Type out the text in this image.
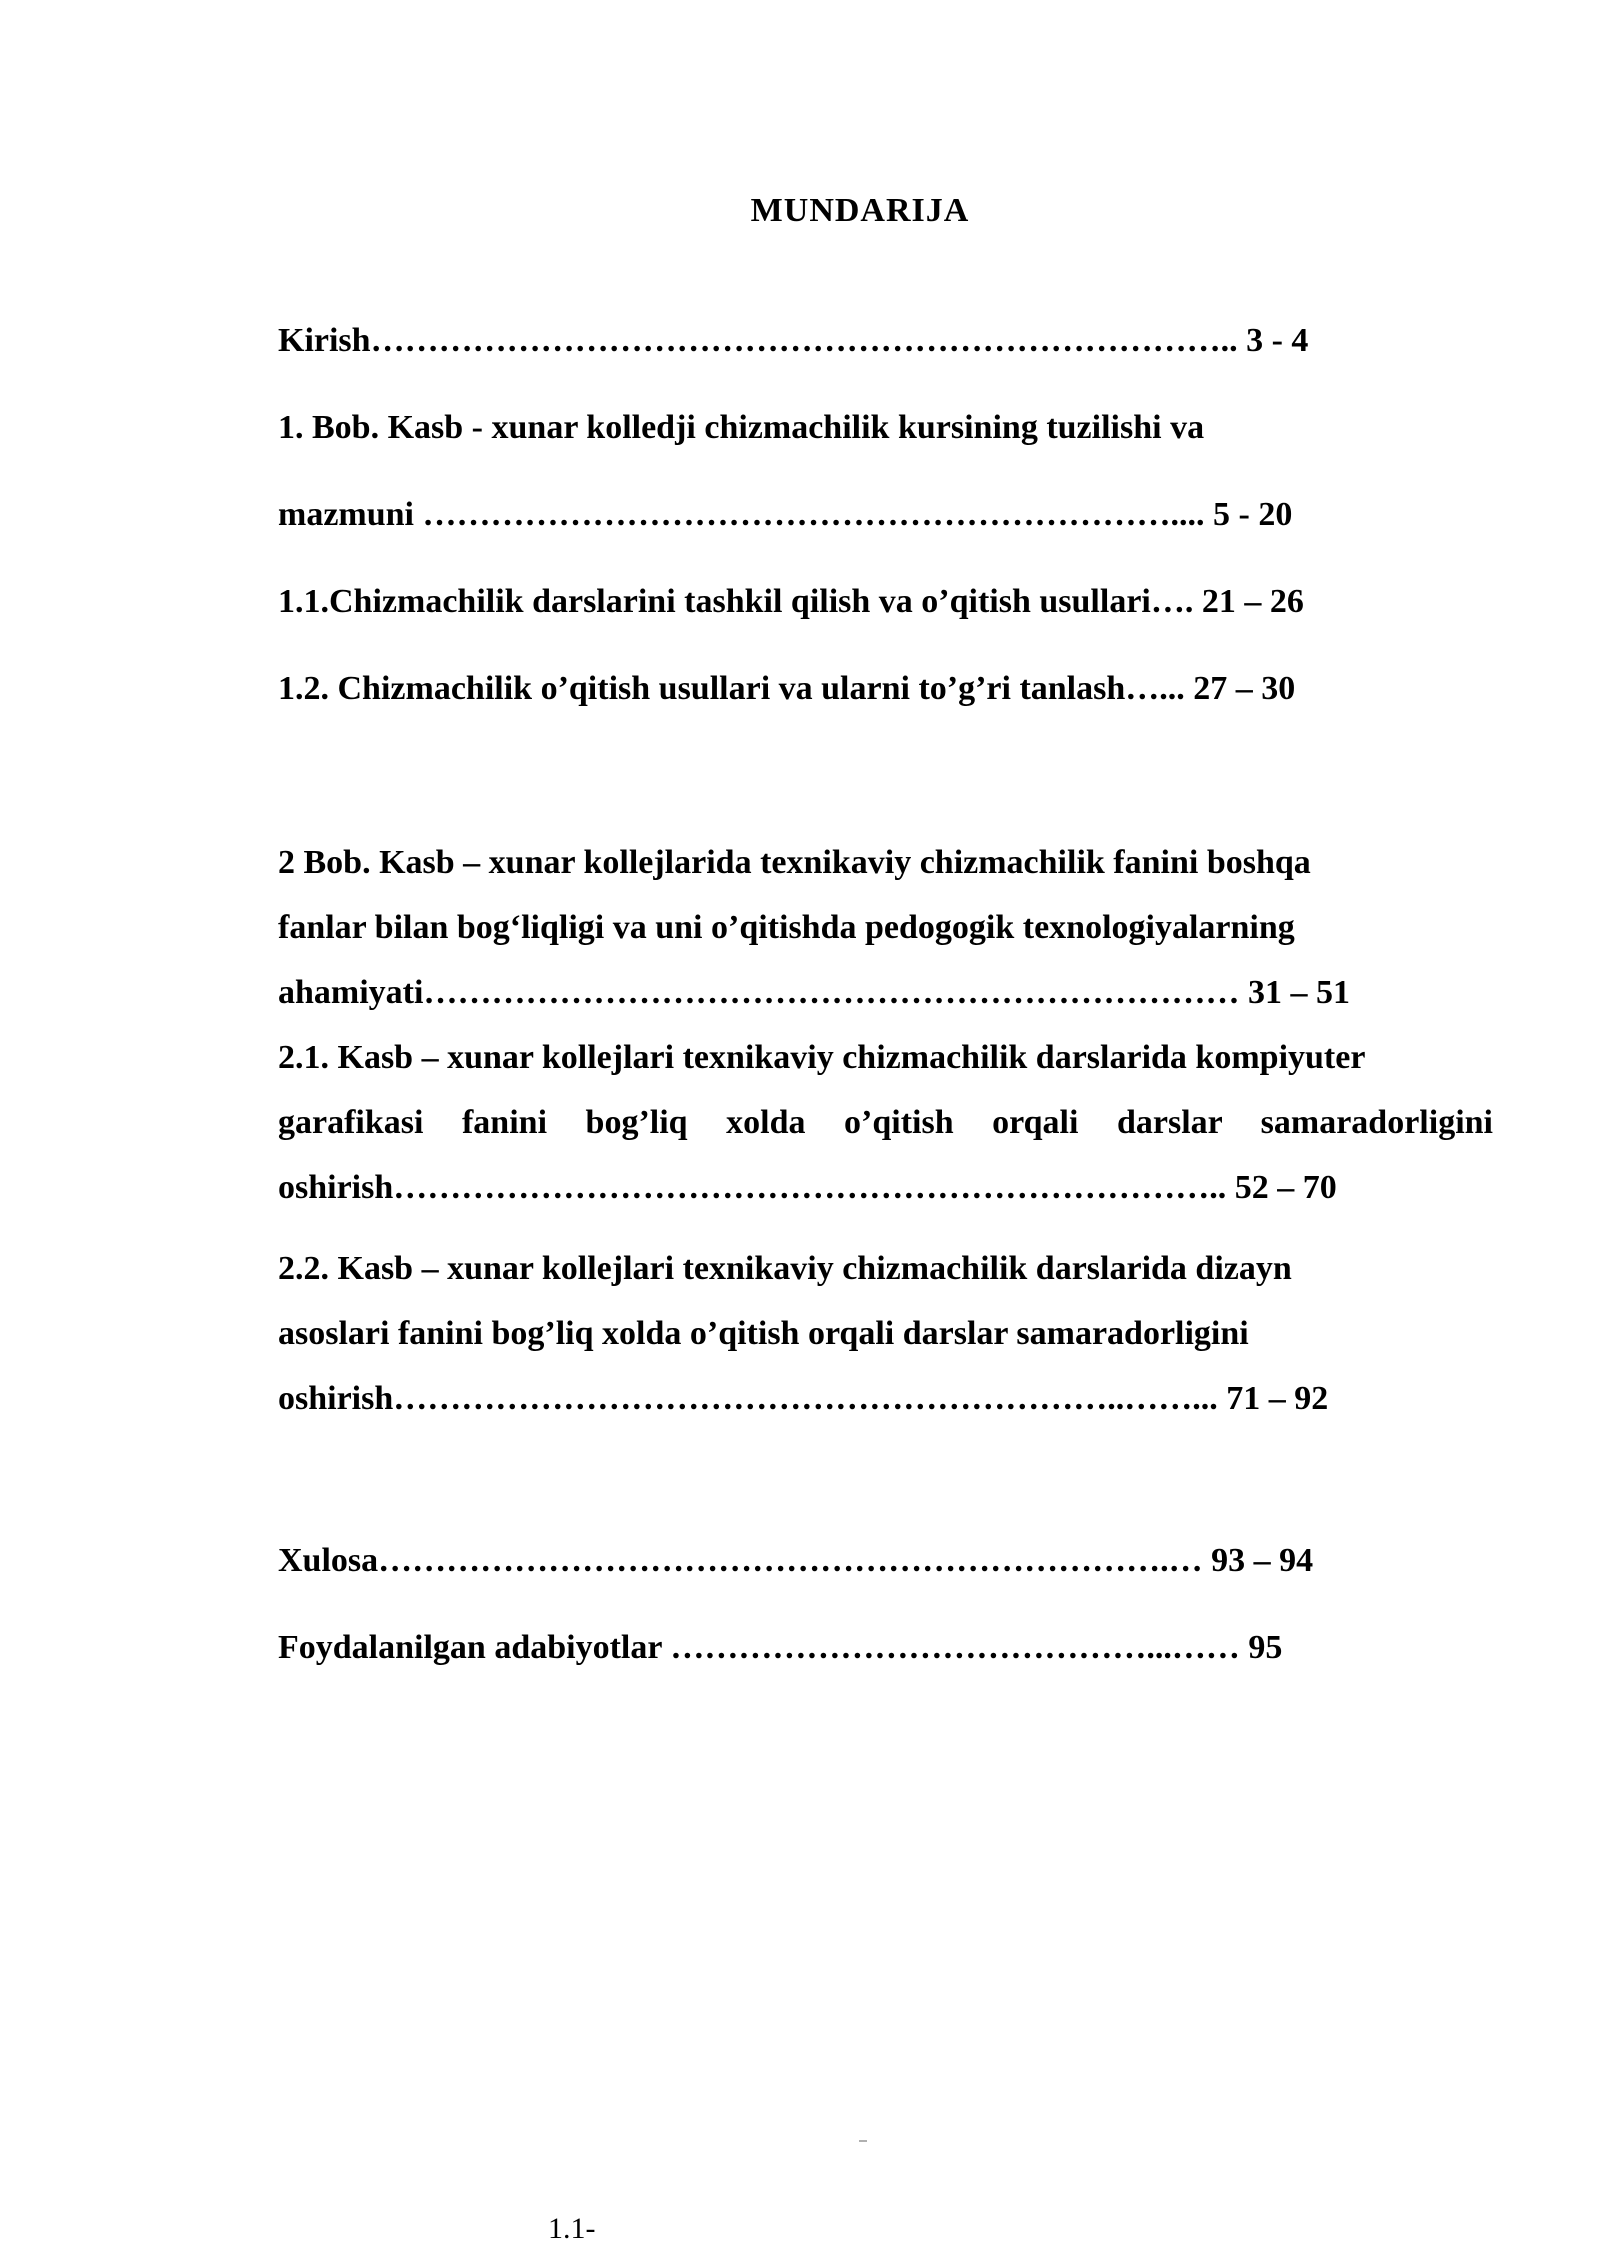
MUNDARIJA
Kirish………………………………………………………………….. 3 - 4
1. Bob. Kasb - xunar kolledji chizmachilik kursining tuzilishi va
mazmuni ………………………………………………………….... 5 - 20
1.1.Chizmachilik darslarini tashkil qilish va o’qitish usullari…. 21 – 26
1.2. Chizmachilik o’qitish usullari va ularni to’g’ri tanlash…... 27 – 30
2 Bob. Kasb – xunar kollejlarida texnikaviy chizmachilik fanini boshqa
fanlar bilan bog‘liqligi va uni o’qitishda pedogogik texnologiyalarning
ahamiyati……………………………………………………………… 31 – 51
2.1. Kasb – xunar kollejlari texnikaviy chizmachilik darslarida kompiyuter
garafikasi fanini bog’liq xolda o’qitish orqali darslar samaradorligini
oshirish……………………………………………………………….. 52 – 70
2.2. Kasb – xunar kollejlari texnikaviy chizmachilik darslarida dizayn
asoslari fanini bog’liq xolda o’qitish orqali darslar samaradorligini
oshirish………………………………………………………..……... 71 – 92
Xulosa…………………………………………………………….… 93 – 94
Foydalanilgan adabiyotlar ……………………………………...…… 95
1.1-
